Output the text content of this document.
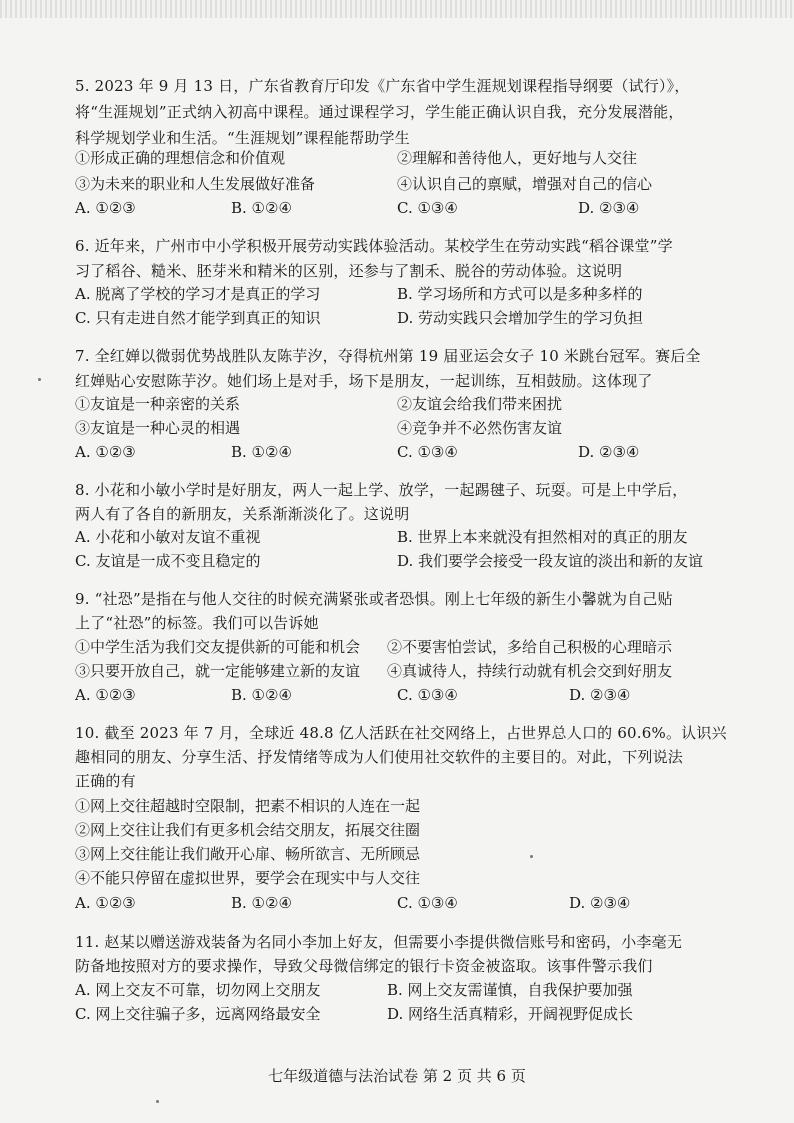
5. 2023 年 9 月 13 日，广东省教育厅印发《广东省中学生涯规划课程指导纲要（试行）》，
将“生涯规划”正式纳入初高中课程。通过课程学习，学生能正确认识自我，充分发展潜能，
科学规划学业和生活。“生涯规划”课程能帮助学生
①形成正确的理想信念和价值观	②理解和善待他人，更好地与人交往
③为未来的职业和人生发展做好准备	④认识自己的禀赋，增强对自己的信心
A. ①②③	B. ①②④	C. ①③④	D. ②③④
6. 近年来，广州市中小学积极开展劳动实践体验活动。某校学生在劳动实践“稻谷课堂”学
习了稻谷、糙米、胚芽米和精米的区别，还参与了割禾、脱谷的劳动体验。这说明
A. 脱离了学校的学习才是真正的学习	B. 学习场所和方式可以是多种多样的
C. 只有走进自然才能学到真正的知识	D. 劳动实践只会增加学生的学习负担
7. 全红婵以微弱优势战胜队友陈芋汐，夺得杭州第 19 届亚运会女子 10 米跳台冠军。赛后全
红婵贴心安慰陈芋汐。她们场上是对手，场下是朋友，一起训练，互相鼓励。这体现了
①友谊是一种亲密的关系	②友谊会给我们带来困扰
③友谊是一种心灵的相遇	④竞争并不必然伤害友谊
A. ①②③	B. ①②④	C. ①③④	D. ②③④
8. 小花和小敏小学时是好朋友，两人一起上学、放学，一起踢毽子、玩耍。可是上中学后，
两人有了各自的新朋友，关系渐渐淡化了。这说明
A. 小花和小敏对友谊不重视	B. 世界上本来就没有担然相对的真正的朋友
C. 友谊是一成不变且稳定的	D. 我们要学会接受一段友谊的淡出和新的友谊
9. “社恐”是指在与他人交往的时候充满紧张或者恐惧。刚上七年级的新生小馨就为自己贴
上了“社恐”的标签。我们可以告诉她
①中学生活为我们交友提供新的可能和机会 ②不要害怕尝试，多给自己积极的心理暗示
③只要开放自己，就一定能够建立新的友谊 ④真诚待人，持续行动就有机会交到好朋友
A. ①②③	B. ①②④	C. ①③④	D. ②③④
10. 截至 2023 年 7 月，全球近 48.8 亿人活跃在社交网络上，占世界总人口的 60.6%。认识兴
趣相同的朋友、分享生活、抒发情绪等成为人们使用社交软件的主要目的。对此，下列说法
正确的有
①网上交往超越时空限制，把素不相识的人连在一起
②网上交往让我们有更多机会结交朋友，拓展交往圈
③网上交往能让我们敞开心扉、畅所欲言、无所顾忌
④不能只停留在虚拟世界，要学会在现实中与人交往
A. ①②③	B. ①②④	C. ①③④	D. ②③④
11. 赵某以赠送游戏装备为名同小李加上好友，但需要小李提供微信账号和密码，小李毫无
防备地按照对方的要求操作，导致父母微信绑定的银行卡资金被盗取。该事件警示我们
A. 网上交友不可靠，切勿网上交朋友	B. 网上交友需谨慎，自我保护要加强
C. 网上交往骗子多，远离网络最安全	D. 网络生活真精彩，开阔视野促成长
七年级道德与法治试卷 第 2 页 共 6 页
